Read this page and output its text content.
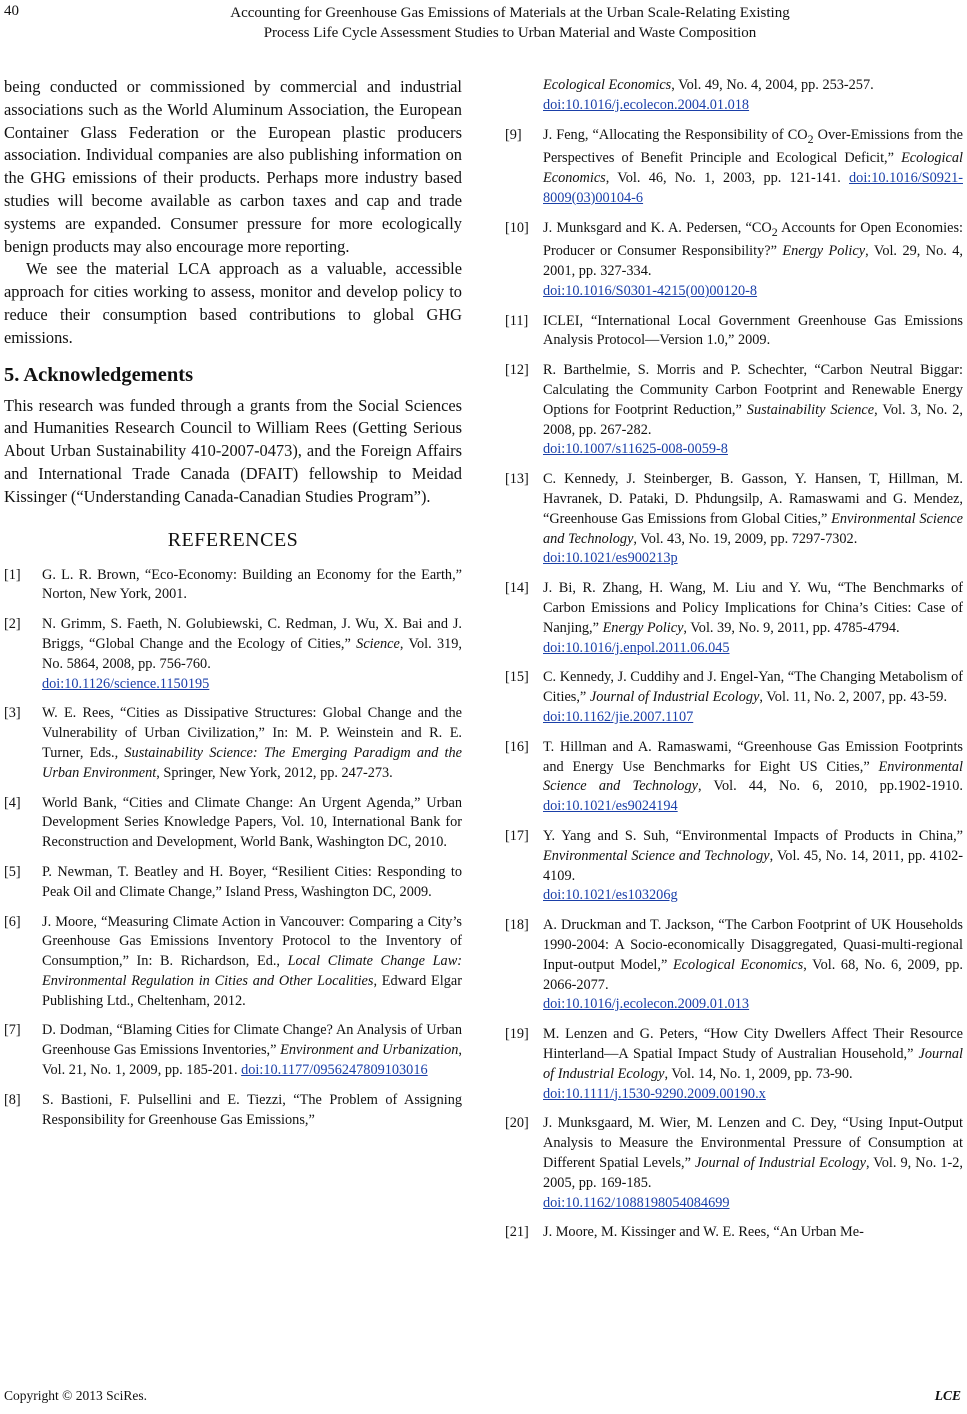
40	Accounting for Greenhouse Gas Emissions of Materials at the Urban Scale-Relating Existing
Process Life Cycle Assessment Studies to Urban Material and Waste Composition

being conducted or commissioned by commercial and industrial associations such as the World Aluminum Association, the European Container Glass Federation or the European plastic producers association. Individual companies are also publishing information on the GHG emissions of their products. Perhaps more industry based studies will become available as carbon taxes and cap and trade systems are expanded. Consumer pressure for more ecologically benign products may also encourage more reporting.

We see the material LCA approach as a valuable, accessible approach for cities working to assess, monitor and develop policy to reduce their consumption based contributions to global GHG emissions.

5. Acknowledgements

This research was funded through a grants from the Social Sciences and Humanities Research Council to William Rees (Getting Serious About Urban Sustainability 410-2007-0473), and the Foreign Affairs and International Trade Canada (DFAIT) fellowship to Meidad Kissinger (“Understanding Canada-Canadian Studies Program”).

REFERENCES
[1] G. L. R. Brown, “Eco-Economy: Building an Economy for the Earth,” Norton, New York, 2001.
[2] N. Grimm, S. Faeth, N. Golubiewski, C. Redman, J. Wu, X. Bai and J. Briggs, “Global Change and the Ecology of Cities,” Science, Vol. 319, No. 5864, 2008, pp. 756-760.
doi:10.1126/science.1150195
[3] W. E. Rees, “Cities as Dissipative Structures: Global Change and the Vulnerability of Urban Civilization,” In: M. P. Weinstein and R. E. Turner, Eds., Sustainability Science: The Emerging Paradigm and the Urban Environment, Springer, New York, 2012, pp. 247-273.
[4] World Bank, “Cities and Climate Change: An Urgent Agenda,” Urban Development Series Knowledge Papers, Vol. 10, International Bank for Reconstruction and Development, World Bank, Washington DC, 2010.
[5] P. Newman, T. Beatley and H. Boyer, “Resilient Cities: Responding to Peak Oil and Climate Change,” Island Press, Washington DC, 2009.
[6] J. Moore, “Measuring Climate Action in Vancouver: Comparing a City’s Greenhouse Gas Emissions Inventory Protocol to the Inventory of Consumption,” In: B. Richardson, Ed., Local Climate Change Law: Environmental Regulation in Cities and Other Localities, Edward Elgar Publishing Ltd., Cheltenham, 2012.
[7] D. Dodman, “Blaming Cities for Climate Change? An Analysis of Urban Greenhouse Gas Emissions Inventories,” Environment and Urbanization, Vol. 21, No. 1, 2009, pp. 185-201. doi:10.1177/0956247809103016
[8] S. Bastioni, F. Pulsellini and E. Tiezzi, “The Problem of Assigning Responsibility for Greenhouse Gas Emissions,”
Ecological Economics, Vol. 49, No. 4, 2004, pp. 253-257.
doi:10.1016/j.ecolecon.2004.01.018
[9] J. Feng, “Allocating the Responsibility of $CO_2$ Over-Emissions from the Perspectives of Benefit Principle and Ecological Deficit,” Ecological Economics, Vol. 46, No. 1, 2003, pp. 121-141. doi:10.1016/S0921-8009(03)00104-6
[10] J. Munksgard and K. A. Pedersen, “$CO_2$ Accounts for Open Economies: Producer or Consumer Responsibility?” Energy Policy, Vol. 29, No. 4, 2001, pp. 327-334.
doi:10.1016/S0301-4215(00)00120-8
[11] ICLEI, “International Local Government Greenhouse Gas Emissions Analysis Protocol—Version 1.0,” 2009.
[12] R. Barthelmie, S. Morris and P. Schechter, “Carbon Neutral Biggar: Calculating the Community Carbon Footprint and Renewable Energy Options for Footprint Reduction,” Sustainability Science, Vol. 3, No. 2, 2008, pp. 267-282.
doi:10.1007/s11625-008-0059-8
[13] C. Kennedy, J. Steinberger, B. Gasson, Y. Hansen, T, Hillman, M. Havranek, D. Pataki, D. Phdungsilp, A. Ramaswami and G. Mendez, “Greenhouse Gas Emissions from Global Cities,” Environmental Science and Technology, Vol. 43, No. 19, 2009, pp. 7297-7302.
doi:10.1021/es900213p
[14] J. Bi, R. Zhang, H. Wang, M. Liu and Y. Wu, “The Benchmarks of Carbon Emissions and Policy Implications for China’s Cities: Case of Nanjing,” Energy Policy, Vol. 39, No. 9, 2011, pp. 4785-4794.
doi:10.1016/j.enpol.2011.06.045
[15] C. Kennedy, J. Cuddihy and J. Engel-Yan, “The Changing Metabolism of Cities,” Journal of Industrial Ecology, Vol. 11, No. 2, 2007, pp. 43-59.
doi:10.1162/jie.2007.1107
[16] T. Hillman and A. Ramaswami, “Greenhouse Gas Emission Footprints and Energy Use Benchmarks for Eight US Cities,” Environmental Science and Technology, Vol. 44, No. 6, 2010, pp.1902-1910. doi:10.1021/es9024194
[17] Y. Yang and S. Suh, “Environmental Impacts of Products in China,” Environmental Science and Technology, Vol. 45, No. 14, 2011, pp. 4102-4109.
doi:10.1021/es103206g
[18] A. Druckman and T. Jackson, “The Carbon Footprint of UK Households 1990-2004: A Socio-economically Disaggregated, Quasi-multi-regional Input-output Model,” Ecological Economics, Vol. 68, No. 6, 2009, pp. 2066-2077.
doi:10.1016/j.ecolecon.2009.01.013
[19] M. Lenzen and G. Peters, “How City Dwellers Affect Their Resource Hinterland—A Spatial Impact Study of Australian Household,” Journal of Industrial Ecology, Vol. 14, No. 1, 2009, pp. 73-90.
doi:10.1111/j.1530-9290.2009.00190.x
[20] J. Munksgaard, M. Wier, M. Lenzen and C. Dey, “Using Input-Output Analysis to Measure the Environmental Pressure of Consumption at Different Spatial Levels,” Journal of Industrial Ecology, Vol. 9, No. 1-2, 2005, pp. 169-185.
doi:10.1162/1088198054084699
[21] J. Moore, M. Kissinger and W. E. Rees, “An Urban Me-
Copyright © 2013 SciRes.	LCE
